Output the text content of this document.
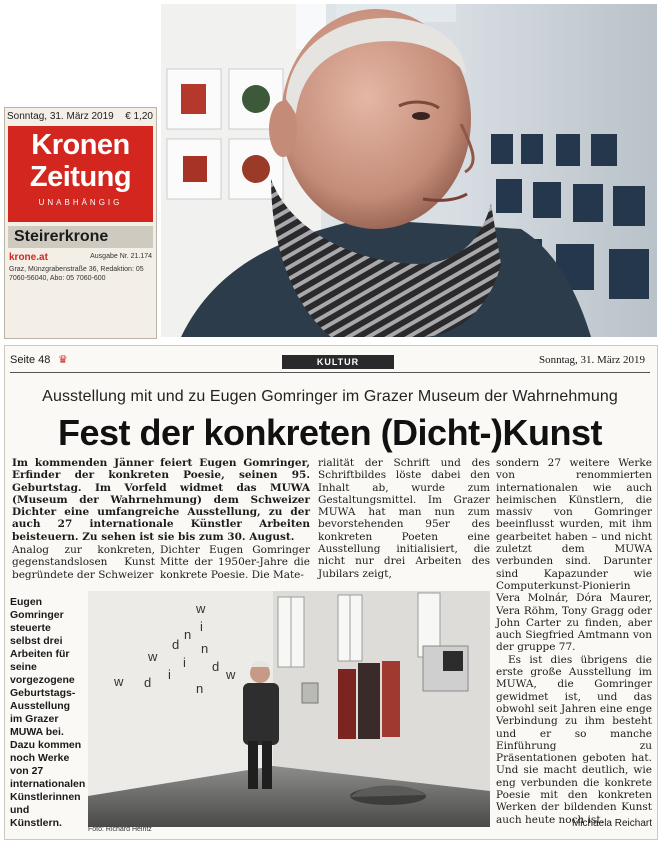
Sonntag, 31. März 2019 € 1,20
Kronen
Zeitung
UNABHÄNGIG
Steirerkrone
krone.at	Ausgabe Nr. 21.174
Graz, Münzgrabenstraße 36, Redaktion: 05 7060-56040, Abo: 05 7060-600
Seite 48 ♛	KULTUR	Sonntag, 31. März 2019
Ausstellung mit und zu Eugen Gomringer im Grazer Museum der Wahrnehmung
Fest der konkreten (Dicht-)Kunst
Im kommenden Jänner feiert Eugen Gomringer, Erfinder der konkreten Poesie, seinen 95. Geburtstag. Im Vorfeld widmet das MUWA (Museum der Wahrnehmung) dem Schweizer Dichter eine umfangreiche Ausstellung, zu der auch 27 internationale Künstler Arbeiten beisteuern. Zu sehen ist sie bis zum 30. August.
Analog zur konkreten, gegenstandslosen Kunst begründete der Schweizer
Dichter Eugen Gomringer Mitte der 1950er-Jahre die konkrete Poesie. Die Mate-
rialität der Schrift und des Schriftbildes löste dabei den Inhalt ab, wurde zum Gestaltungsmittel. Im Grazer MUWA hat man nun zum bevorstehenden 95er des konkreten Poeten eine Ausstellung initialisiert, die nicht nur drei Arbeiten des Jubilars zeigt,
sondern 27 weitere Werke von renommierten internationalen wie auch heimischen Künstlern, die massiv von Gomringer beeinflusst wurden, mit ihm gearbeitet haben – und nicht zuletzt dem MUWA verbunden sind. Darunter sind Kapazunder wie Computerkunst-Pionierin Vera Molnár, Dóra Maurer, Vera Röhm, Tony Gragg oder John Carter zu finden, aber auch Siegfried Amtmann von der gruppe 77.
Es ist dies übrigens die erste große Ausstellung im MUWA, die Gomringer gewidmet ist, und das obwohl seit Jahren eine enge Verbindung zu ihm besteht und er so manche Einführung zu Präsentationen geboten hat. Und sie macht deutlich, wie eng verbunden die konkrete Poesie mit den konkreten Werken der bildenden Kunst auch heute noch ist.
Michaela Reichart
Eugen Gomringer steuerte selbst drei Arbeiten für seine vorgezogene Geburtstags-Ausstellung im Grazer MUWA bei. Dazu kommen noch Werke von 27 internationalen Künstlerinnen und Künstlern.
w
i
n
d
w i
n
d
w
i
n
d
w
Foto: Richard Heintz
